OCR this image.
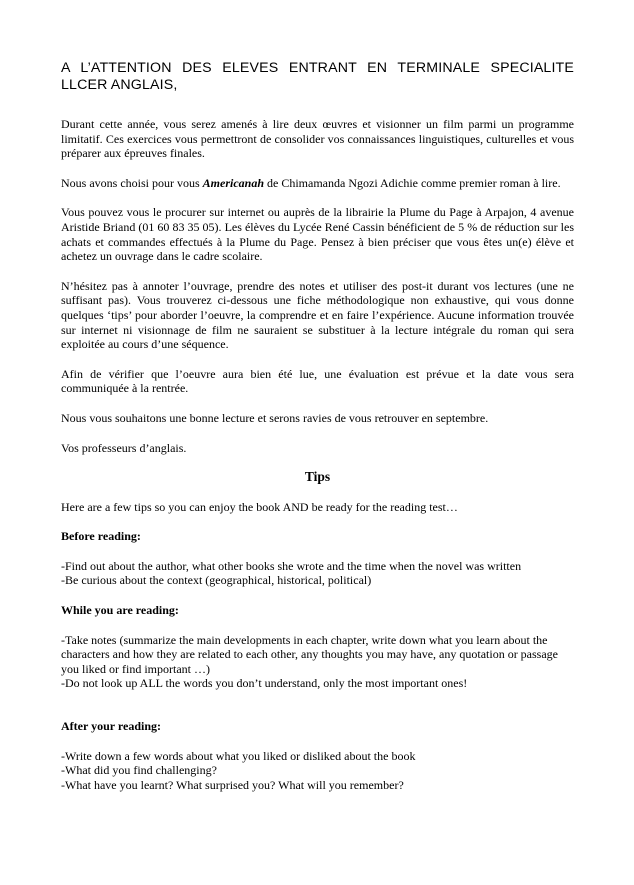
A L’ATTENTION DES ELEVES ENTRANT EN TERMINALE SPECIALITE LLCER ANGLAIS,

Durant cette année, vous serez amenés à lire deux œuvres et visionner un film parmi un programme limitatif. Ces exercices vous permettront de consolider vos connaissances linguistiques, culturelles et vous préparer aux épreuves finales.

Nous avons choisi pour vous Americanah de Chimamanda Ngozi Adichie comme premier roman à lire.

Vous pouvez vous le procurer sur internet ou auprès de la librairie la Plume du Page à Arpajon, 4 avenue Aristide Briand (01 60 83 35 05). Les élèves du Lycée René Cassin bénéficient de 5 % de réduction sur les achats et commandes effectués à la Plume du Page. Pensez à bien préciser que vous êtes un(e) élève et achetez un ouvrage dans le cadre scolaire.

N’hésitez pas à annoter l’ouvrage, prendre des notes et utiliser des post-it durant vos lectures (une ne suffisant pas). Vous trouverez ci-dessous une fiche méthodologique non exhaustive, qui vous donne quelques ‘tips’ pour aborder l’oeuvre, la comprendre et en faire l’expérience. Aucune information trouvée sur internet ni visionnage de film ne sauraient se substituer à la lecture intégrale du roman qui sera exploitée au cours d’une séquence.

Afin de vérifier que l’oeuvre aura bien été lue, une évaluation est prévue et la date vous sera communiquée à la rentrée.

Nous vous souhaitons une bonne lecture et serons ravies de vous retrouver en septembre.

Vos professeurs d’anglais.

Tips

Here are a few tips so you can enjoy the book AND be ready for the reading test…

Before reading:
-Find out about the author, what other books she wrote and the time when the novel was written
-Be curious about the context (geographical, historical, political)
While you are reading:

-Take notes (summarize the main developments in each chapter, write down what you learn about the characters and how they are related to each other, any thoughts you may have, any quotation or passage you liked or find important …)

-Do not look up ALL the words you don’t understand, only the most important ones!

After your reading:
-Write down a few words about what you liked or disliked about the book
-What did you find challenging?
-What have you learnt? What surprised you? What will you remember?
